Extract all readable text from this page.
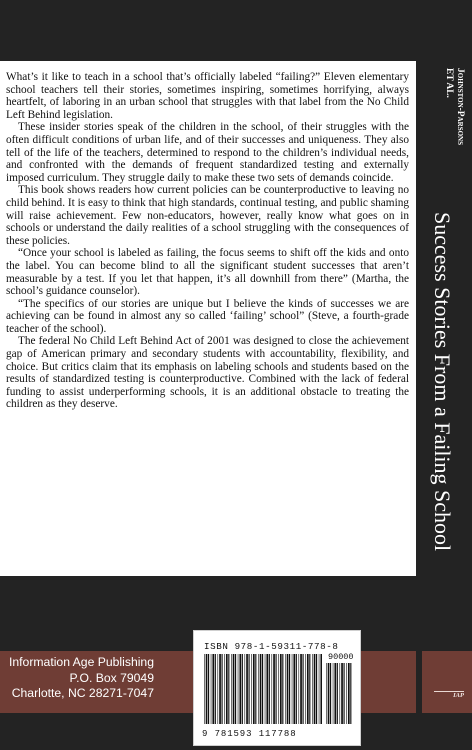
What’s it like to teach in a school that’s officially labeled “failing?” Eleven elementary school teachers tell their stories, sometimes inspiring, sometimes horrifying, always heartfelt, of laboring in an urban school that struggles with that label from the No Child Left Behind legislation.

These insider stories speak of the children in the school, of their struggles with the often difficult conditions of urban life, and of their successes and uniqueness. They also tell of the life of the teachers, determined to respond to the children’s individual needs, and confronted with the demands of frequent standardized testing and externally imposed curriculum. They struggle daily to make these two sets of demands coincide.

This book shows readers how current policies can be counterproductive to leaving no child behind. It is easy to think that high standards, continual testing, and public shaming will raise achievement. Few non-educators, however, really know what goes on in schools or understand the daily realities of a school struggling with the consequences of these policies.

“Once your school is labeled as failing, the focus seems to shift off the kids and onto the label. You can become blind to all the significant student successes that aren’t measurable by a test. If you let that happen, it’s all downhill from there” (Martha, the school’s guidance counselor).

“The specifics of our stories are unique but I believe the kinds of successes we are achieving can be found in almost any so called ‘failing’ school” (Steve, a fourth-grade teacher of the school).

The federal No Child Left Behind Act of 2001 was designed to close the achievement gap of American primary and secondary students with accountability, flexibility, and choice. But critics claim that its emphasis on labeling schools and students based on the results of standardized testing is counterproductive. Combined with the lack of federal funding to assist underperforming schools, it is an additional obstacle to treating the children as they deserve.

Johnston-Parsons
ET AL.
Success Stories From a Failing School
Information Age Publishing
P.O. Box 79049
Charlotte, NC 28271-7047	IAP
ISBN 978-1-59311-778-8
90000
9 781593 117788
